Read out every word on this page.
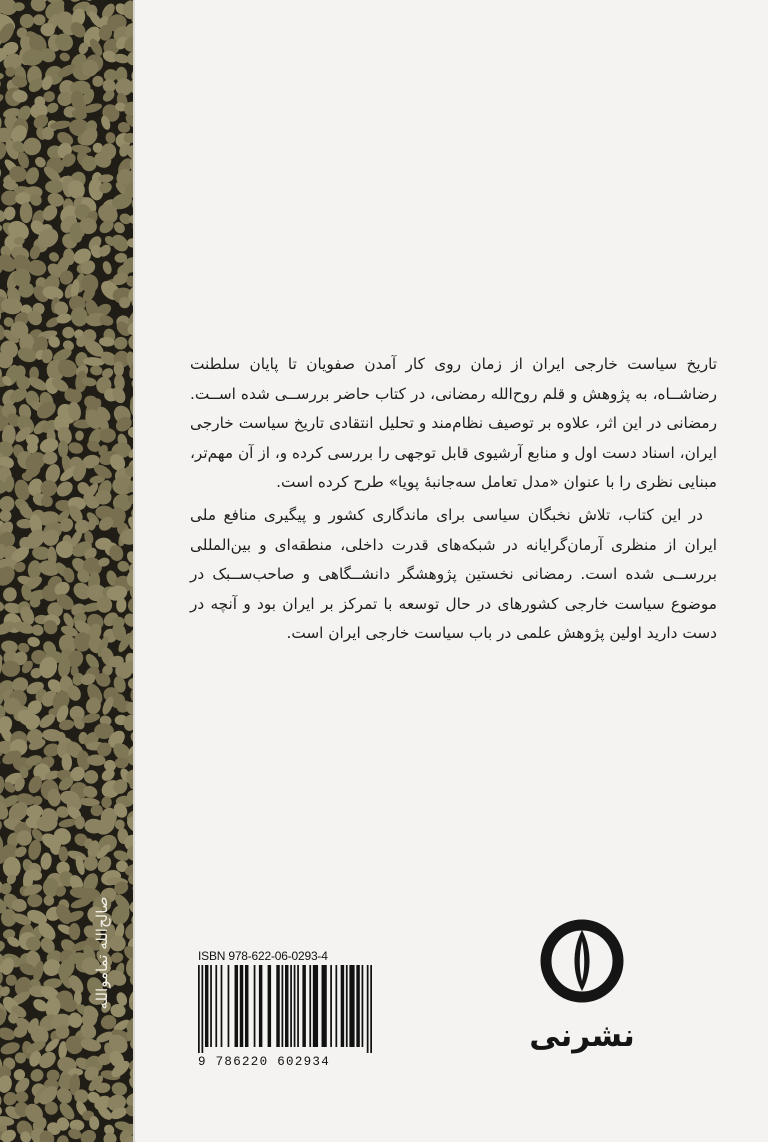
صالح‌الله تماموالله

تاریخ سیاست خارجی ایران از زمان روی کار آمدن صفویان تا پایان سلطنت رضاشــاه، به پژوهش و قلم روح‌الله رمضانی، در کتاب حاضر بررســی شده اســت. رمضانی در این اثر، علاوه بر توصیف نظام‌مند و تحلیل انتقادی تاریخ سیاست خارجی ایران، اسناد دست اول و منابع آرشیوی قابل توجهی را بررسی کرده و، از آن مهم‌تر، مبنایی نظری را با عنوان «مدل تعامل سه‌جانبهٔ پویا» طرح کرده است.

در این کتاب، تلاش نخبگان سیاسی برای ماندگاری کشور و پیگیری منافع ملی ایران از منظری آرمان‌گرایانه در شبکه‌های قدرت داخلی، منطقه‌ای و بین‌المللی بررســی شده است. رمضانی نخستین پژوهشگر دانشــگاهی و صاحب‌ســبک در موضوع سیاست خارجی کشورهای در حال توسعه با تمرکز بر ایران بود و آنچه در دست دارید اولین پژوهش علمی در باب سیاست خارجی ایران است.

ISBN 978-622-06-0293-4
9 786220 602934
نشرنی
